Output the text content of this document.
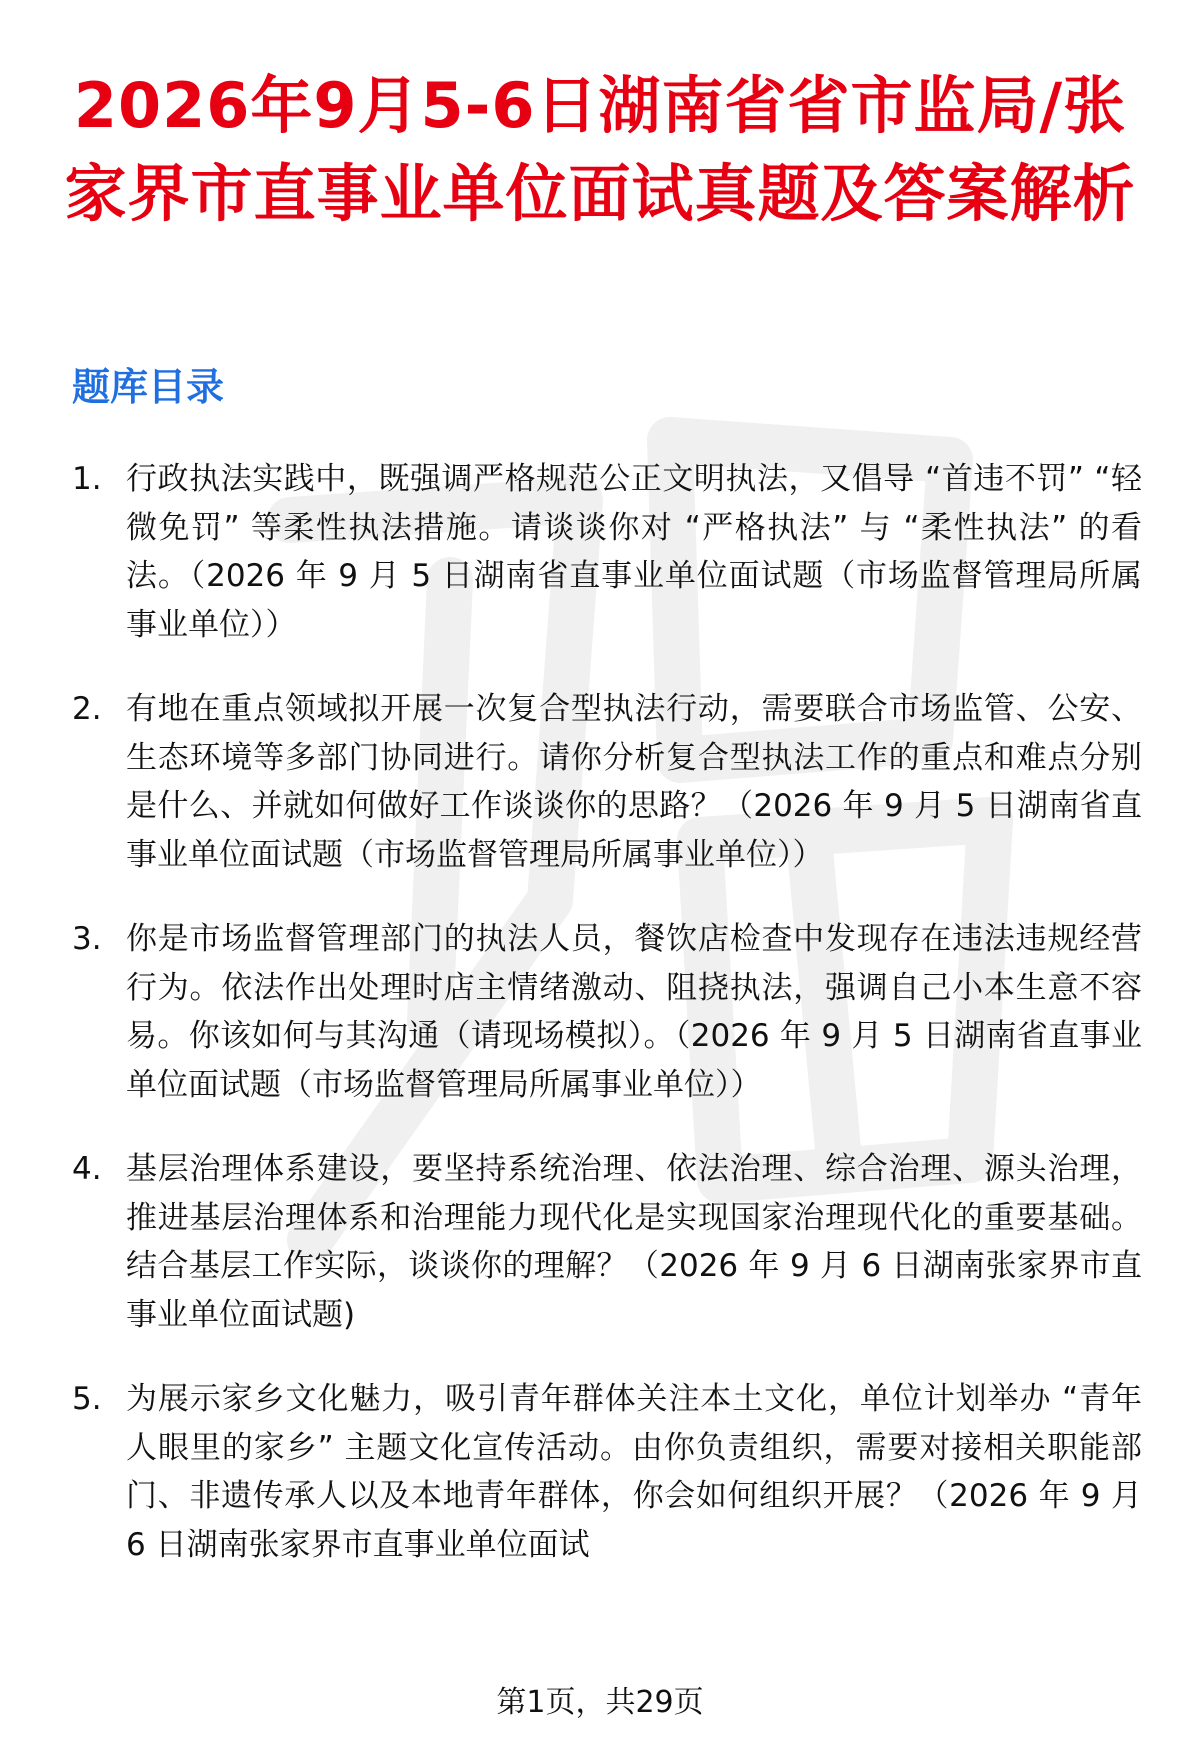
2026年9月5-6日湖南省省市监局/张家界市直事业单位面试真题及答案解析
题库目录
1. 行政执法实践中，既强调严格规范公正文明执法，又倡导 “首违不罚” “轻微免罚” 等柔性执法措施。请谈谈你对 “严格执法” 与 “柔性执法” 的看法。（2026 年 9 月 5 日湖南省直事业单位面试题（市场监督管理局所属事业单位））
2. 有地在重点领域拟开展一次复合型执法行动，需要联合市场监管、公安、生态环境等多部门协同进行。请你分析复合型执法工作的重点和难点分别是什么、并就如何做好工作谈谈你的思路？（2026 年 9 月 5 日湖南省直事业单位面试题（市场监督管理局所属事业单位））
3. 你是市场监督管理部门的执法人员，餐饮店检查中发现存在违法违规经营行为。依法作出处理时店主情绪激动、阻挠执法，强调自己小本生意不容易。你该如何与其沟通（请现场模拟）。（2026 年 9 月 5 日湖南省直事业单位面试题（市场监督管理局所属事业单位））
4. 基层治理体系建设，要坚持系统治理、依法治理、综合治理、源头治理，推进基层治理体系和治理能力现代化是实现国家治理现代化的重要基础。结合基层工作实际，谈谈你的理解？（2026 年 9 月 6 日湖南张家界市直事业单位面试题)
5. 为展示家乡文化魅力，吸引青年群体关注本土文化，单位计划举办 “青年人眼里的家乡” 主题文化宣传活动。由你负责组织，需要对接相关职能部门、非遗传承人以及本地青年群体，你会如何组织开展？（2026 年 9 月 6 日湖南张家界市直事业单位面试
第1页，共29页
